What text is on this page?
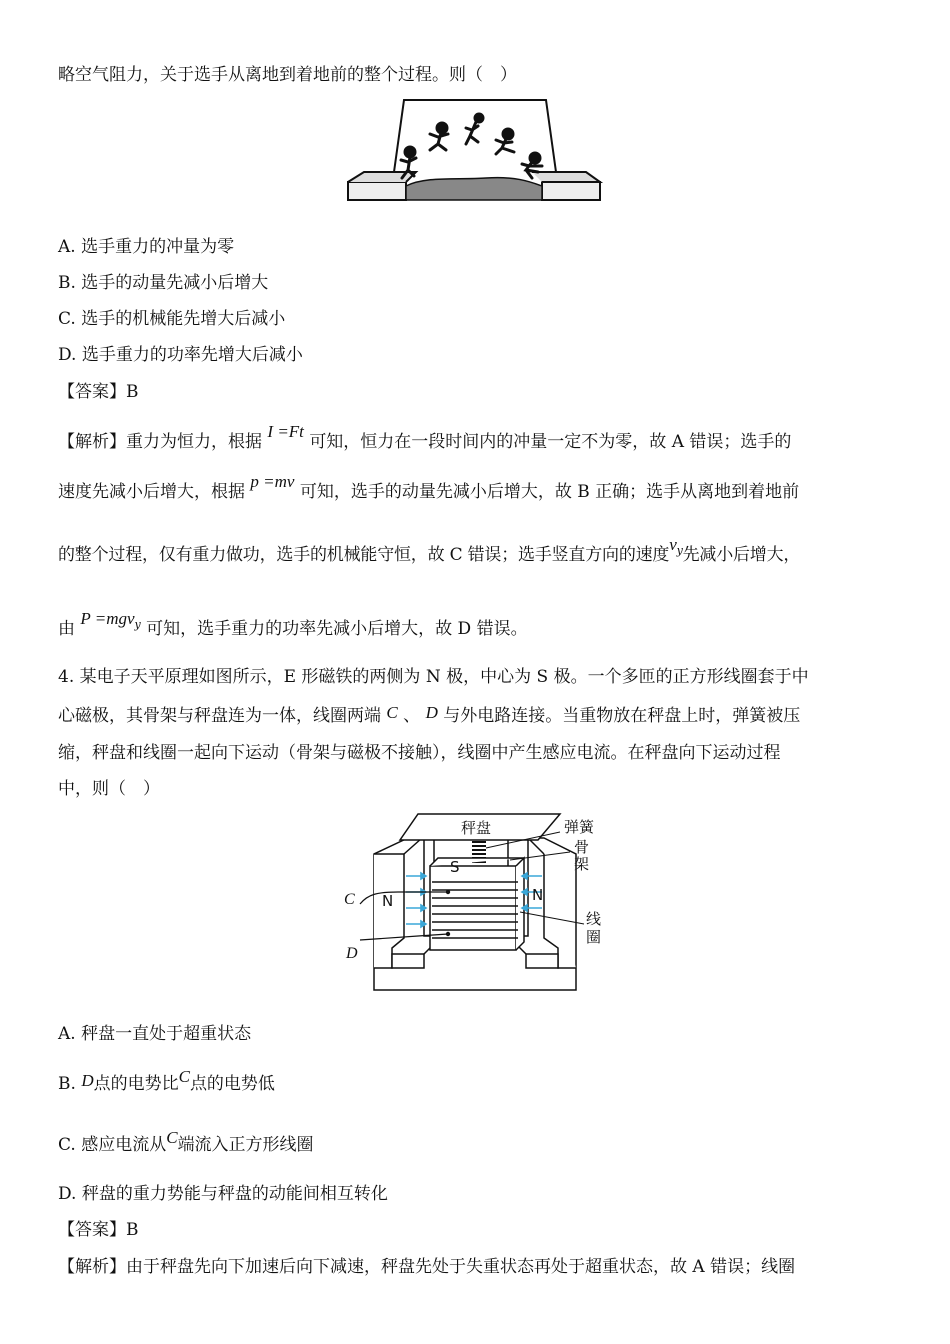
略空气阻力，关于选手从离地到着地前的整个过程。则（　）
A. 选手重力的冲量为零
B. 选手的动量先减小后增大
C. 选手的机械能先增大后减小
D. 选手重力的功率先增大后减小
【答案】B
【解析】重力为恒力，根据 I =Ft 可知，恒力在一段时间内的冲量一定不为零，故 A 错误；选手的
速度先减小后增大，根据 p =mv 可知，选手的动量先减小后增大，故 B 正确；选手从离地到着地前
的整个过程，仅有重力做功，选手的机械能守恒，故 C 错误；选手竖直方向的速度$v_y$先减小后增大，
由 P =mgv$_y$ 可知，选手重力的功率先减小后增大，故 D 错误。
4. 某电子天平原理如图所示，E 形磁铁的两侧为 N 极，中心为 S 极。一个多匝的正方形线圈套于中
心磁极，其骨架与秤盘连为一体，线圈两端 C 、 D 与外电路连接。当重物放在秤盘上时，弹簧被压
缩，秤盘和线圈一起向下运动（骨架与磁极不接触），线圈中产生感应电流。在秤盘向下运动过程
中，则（　）
秤盘	弹簧
骨
架
线
圈
N	N
S
C
D
A. 秤盘一直处于超重状态
B. D点的电势比C点的电势低
C. 感应电流从C端流入正方形线圈
D. 秤盘的重力势能与秤盘的动能间相互转化
【答案】B
【解析】由于秤盘先向下加速后向下减速，秤盘先处于失重状态再处于超重状态，故 A 错误；线圈
